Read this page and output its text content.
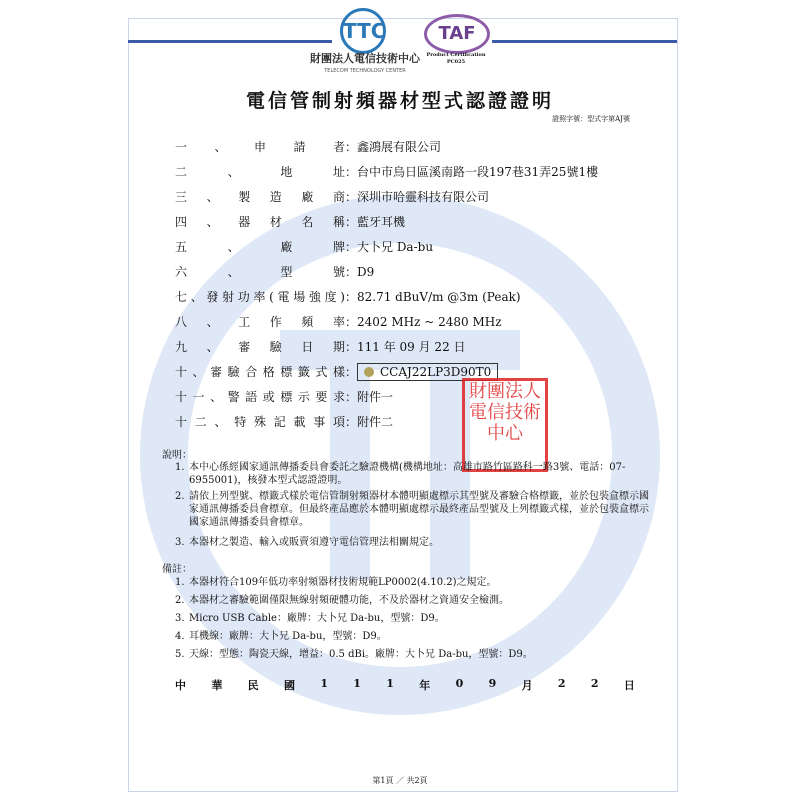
TTC
財團法人電信技術中心
TELECOM TECHNOLOGY CENTER
TAF
Product Certification
PC025
電信管制射頻器材型式認證證明
證照字號：型式字第AJ號
一、申請者：鑫鴻展有限公司
二、地址：台中市烏日區溪南路一段197巷31弄25號1樓
三、製造廠商：深圳市哈靈科技有限公司
四、器材名稱：藍牙耳機
五、廠牌：大卜兄 Da-bu
六、型號：D9
七、發射功率(電場強度)：82.71 dBuV/m @3m (Peak)
八、工作頻率：2402 MHz ~ 2480 MHz
九、審驗日期：111 年 09 月 22 日
十、審驗合格標籤式樣： CCAJ22LP3D90T0
十一、警語或標示要求：附件一
十二、特殊記載事項：附件二
財團法人電信技術中心
說明：
1. 本中心係經國家通訊傳播委員會委託之驗證機構(機構地址：高雄市路竹區路科一路3號、電話：07-6955001)，核發本型式認證證明。
2. 請依上列型號、標籤式樣於電信管制射頻器材本體明顯處標示其型號及審驗合格標籤，並於包裝盒標示國家通訊傳播委員會標章。但最終產品應於本體明顯處標示最終產品型號及上列標籤式樣，並於包裝盒標示國家通訊傳播委員會標章。
3. 本器材之製造、輸入或販賣須遵守電信管理法相關規定。
備註：
1. 本器材符合109年低功率射頻器材技術規範LP0002(4.10.2)之規定。
2. 本器材之審驗範圍僅限無線射頻硬體功能，不及於器材之資通安全檢測。
3. Micro USB Cable：廠牌：大卜兄 Da-bu，型號：D9。
4. 耳機線：廠牌：大卜兄 Da-bu，型號：D9。
5. 天線：型態：陶瓷天線，增益：0.5 dBi。廠牌：大卜兄 Da-bu，型號：D9。
中 華 民 國 1 1 1 年 0 9 月 2 2 日
第1頁 ／ 共2頁
